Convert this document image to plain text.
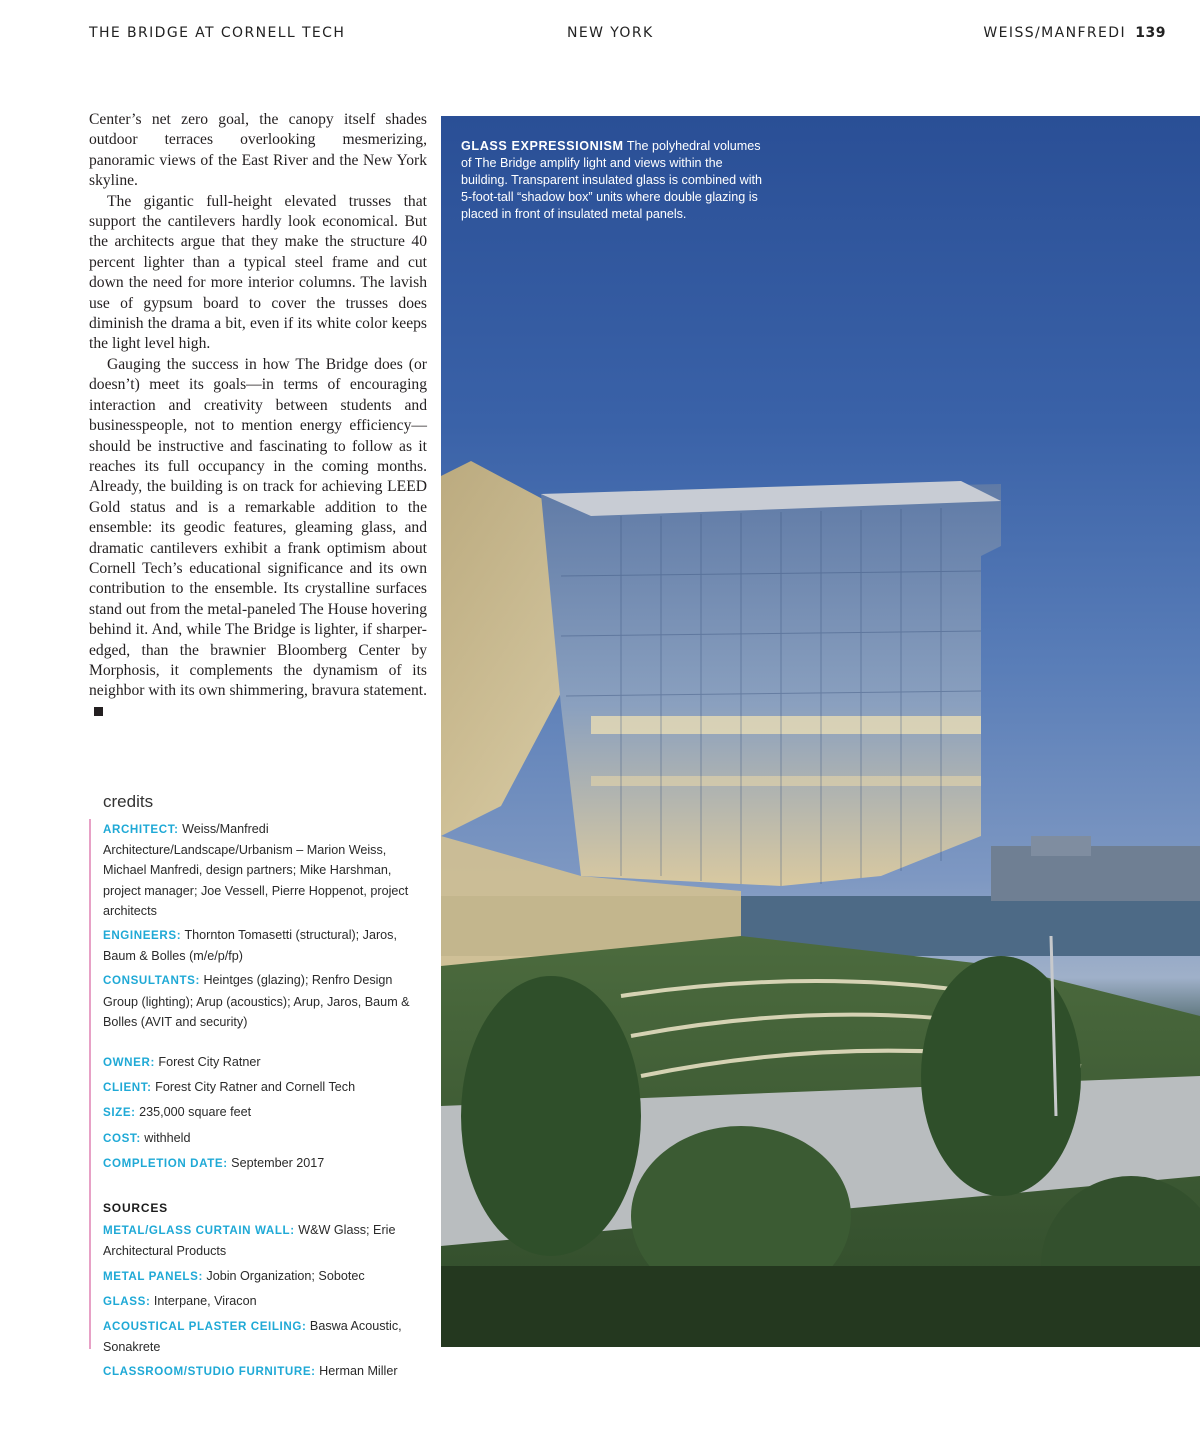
THE BRIDGE AT CORNELL TECH	NEW YORK	WEISS/MANFREDI 139

Center’s net zero goal, the canopy itself shades outdoor terraces overlooking mesmerizing, panoramic views of the East River and the New York skyline.

The gigantic full-height elevated trusses that support the cantilevers hardly look economical. But the architects argue that they make the structure 40 percent lighter than a typical steel frame and cut down the need for more interior columns. The lavish use of gypsum board to cover the trusses does diminish the drama a bit, even if its white color keeps the light level high.

Gauging the success in how The Bridge does (or doesn’t) meet its goals—in terms of encouraging interaction and creativity between students and businesspeople, not to mention energy efficiency—should be instructive and fascinating to follow as it reaches its full occupancy in the coming months. Already, the building is on track for achieving LEED Gold status and is a remarkable addition to the ensemble: its geodic features, gleaming glass, and dramatic cantilevers exhibit a frank optimism about Cornell Tech’s educational significance and its own contribution to the ensemble. Its crystalline surfaces stand out from the metal-paneled The House hovering behind it. And, while The Bridge is lighter, if sharper-edged, than the brawnier Bloomberg Center by Morphosis, it complements the dynamism of its neighbor with its own shimmering, bravura statement.

credits

ARCHITECT: Weiss/Manfredi Architecture/Landscape/Urbanism – Marion Weiss, Michael Manfredi, design partners; Mike Harshman, project manager; Joe Vessell, Pierre Hoppenot, project architects

ENGINEERS: Thornton Tomasetti (structural); Jaros, Baum & Bolles (m/e/p/fp)

CONSULTANTS: Heintges (glazing); Renfro Design Group (lighting); Arup (acoustics); Arup, Jaros, Baum & Bolles (AVIT and security)

OWNER: Forest City Ratner

CLIENT: Forest City Ratner and Cornell Tech

SIZE: 235,000 square feet

COST: withheld

COMPLETION DATE: September 2017

SOURCES

METAL/GLASS CURTAIN WALL: W&W Glass; Erie Architectural Products

METAL PANELS: Jobin Organization; Sobotec

GLASS: Interpane, Viracon

ACOUSTICAL PLASTER CEILING: Baswa Acoustic, Sonakrete

CLASSROOM/STUDIO FURNITURE: Herman Miller

GLASS EXPRESSIONISM The polyhedral volumes of The Bridge amplify light and views within the building. Transparent insulated glass is combined with 5-foot-tall “shadow box” units where double glazing is placed in front of insulated metal panels.
